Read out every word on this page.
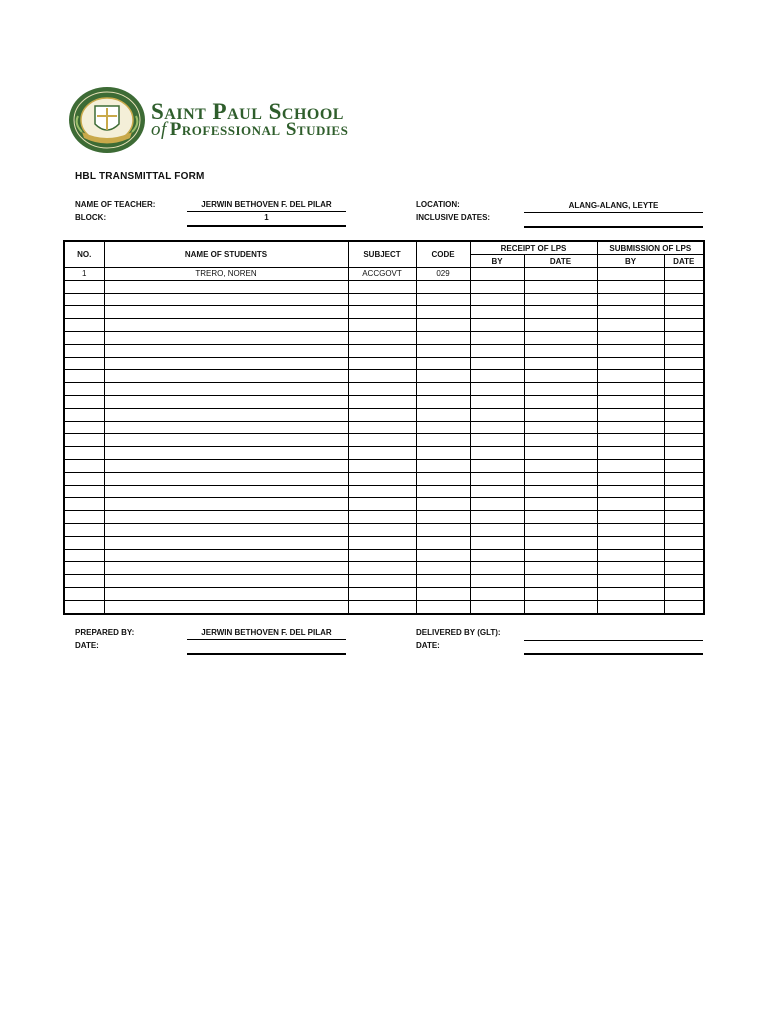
Saint Paul School
of Professional Studies
HBL TRANSMITTAL FORM
NAME OF TEACHER:	JERWIN BETHOVEN F. DEL PILAR
BLOCK:	1
LOCATION:	ALANG-ALANG, LEYTE
INCLUSIVE DATES:
NO.	NAME OF STUDENTS	SUBJECT	CODE	RECEIPT OF LPS		SUBMISSION OF LPS	
				BY	DATE	BY	DATE
1	TRERO, NOREN	ACCGOVT	029				

PREPARED BY:	JERWIN BETHOVEN F. DEL PILAR
DATE:
DELIVERED BY (GLT):
DATE:
